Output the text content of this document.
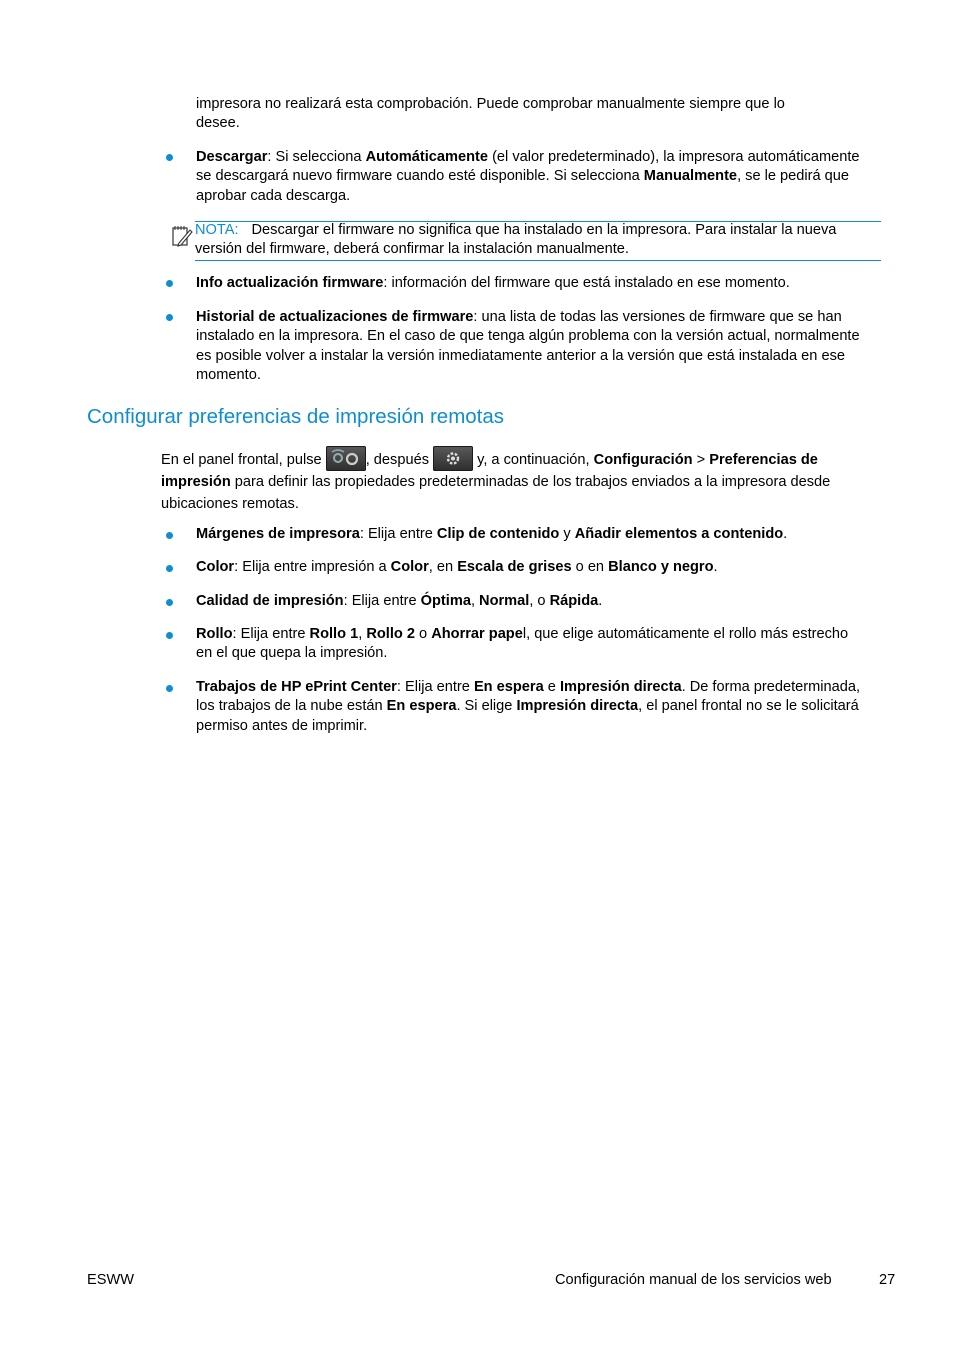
impresora no realizará esta comprobación. Puede comprobar manualmente siempre que lo
desee.

Descargar: Si selecciona Automáticamente (el valor predeterminado), la impresora automáticamente se descargará nuevo firmware cuando esté disponible. Si selecciona Manualmente, se le pedirá que aprobar cada descarga.

NOTA: Descargar el firmware no significa que ha instalado en la impresora. Para instalar la nueva versión del firmware, deberá confirmar la instalación manualmente.

Info actualización firmware: información del firmware que está instalado en ese momento.

Historial de actualizaciones de firmware: una lista de todas las versiones de firmware que se han instalado en la impresora. En el caso de que tenga algún problema con la versión actual, normalmente es posible volver a instalar la versión inmediatamente anterior a la versión que está instalada en ese momento.

Configurar preferencias de impresión remotas

En el panel frontal, pulse	, después	y, a continuación, Configuración > Preferencias de impresión para definir las propiedades predeterminadas de los trabajos enviados a la impresora desde ubicaciones remotas.

Márgenes de impresora: Elija entre Clip de contenido y Añadir elementos a contenido.

Color: Elija entre impresión a Color, en Escala de grises o en Blanco y negro.

Calidad de impresión: Elija entre Óptima, Normal, o Rápida.

Rollo: Elija entre Rollo 1, Rollo 2 o Ahorrar papel, que elige automáticamente el rollo más estrecho en el que quepa la impresión.

Trabajos de HP ePrint Center: Elija entre En espera e Impresión directa. De forma predeterminada, los trabajos de la nube están En espera. Si elige Impresión directa, el panel frontal no se le solicitará permiso antes de imprimir.

ESWW	Configuración manual de los servicios web	27
